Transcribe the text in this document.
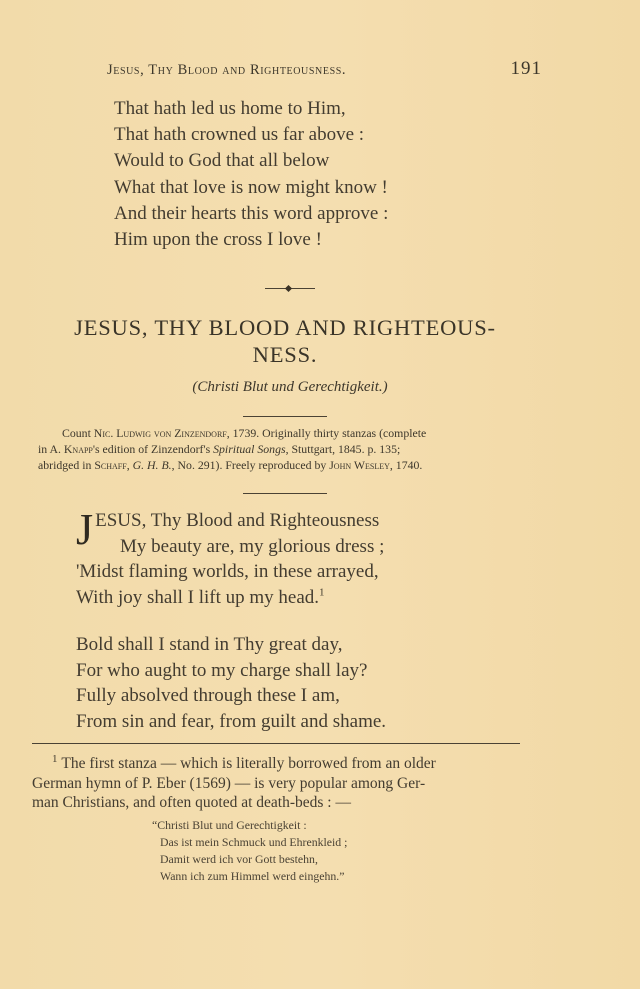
Jesus, Thy Blood and Righteousness.	191
That hath led us home to Him,
That hath crowned us far above :
Would to God that all below
What that love is now might know !
And their hearts this word approve :
Him upon the cross I love !
JESUS, THY BLOOD AND RIGHTEOUS-
NESS.
(Christi Blut und Gerechtigkeit.)
Count Nic. Ludwig von Zinzendorf, 1739. Originally thirty stanzas (complete
in A. Knapp's edition of Zinzendorf's Spiritual Songs, Stuttgart, 1845. p. 135;
abridged in Schaff, G. H. B., No. 291). Freely reproduced by John Wesley, 1740.
J ESUS, Thy Blood and Righteousness
My beauty are, my glorious dress ;
'Midst flaming worlds, in these arrayed,
With joy shall I lift up my head.$^1$
Bold shall I stand in Thy great day,
For who aught to my charge shall lay?
Fully absolved through these I am,
From sin and fear, from guilt and shame.
$^1$ The first stanza — which is literally borrowed from an older
German hymn of P. Eber (1569) — is very popular among Ger-
man Christians, and often quoted at death-beds : —
“Christi Blut und Gerechtigkeit :
Das ist mein Schmuck und Ehrenkleid ;
Damit werd ich vor Gott bestehn,
Wann ich zum Himmel werd eingehn.”
